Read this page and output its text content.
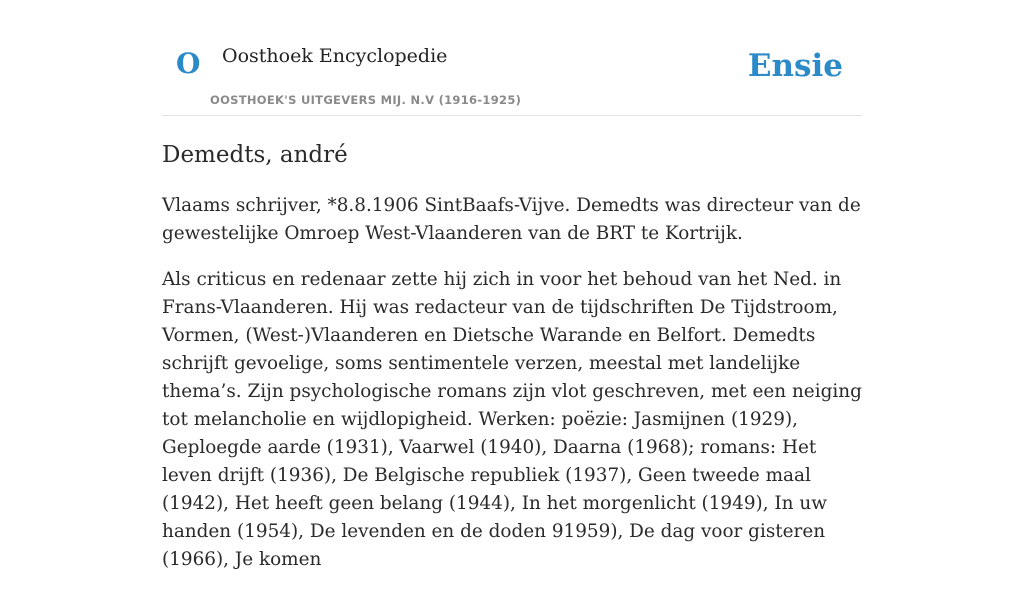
O Oosthoek Encyclopedie
OOSTHOEK'S UITGEVERS MIJ. N.V (1916-1925)
Ensie
Demedts, andré

Vlaams schrijver, *8.8.1906 SintBaafs-Vijve. Demedts was directeur van de gewestelijke Omroep West-Vlaanderen van de BRT te Kortrijk.

Als criticus en redenaar zette hij zich in voor het behoud van het Ned. in Frans-Vlaanderen. Hij was redacteur van de tijdschriften De Tijdstroom, Vormen, (West-)Vlaanderen en Dietsche Warande en Belfort. Demedts schrijft gevoelige, soms sentimentele verzen, meestal met landelijke thema’s. Zijn psychologische romans zijn vlot geschreven, met een neiging tot melancholie en wijdlopigheid. Werken: poëzie: Jasmijnen (1929), Geploegde aarde (1931), Vaarwel (1940), Daarna (1968); romans: Het leven drijft (1936), De Belgische republiek (1937), Geen tweede maal (1942), Het heeft geen belang (1944), In het morgenlicht (1949), In uw handen (1954), De levenden en de doden 91959), De dag voor gisteren (1966), Je komen
